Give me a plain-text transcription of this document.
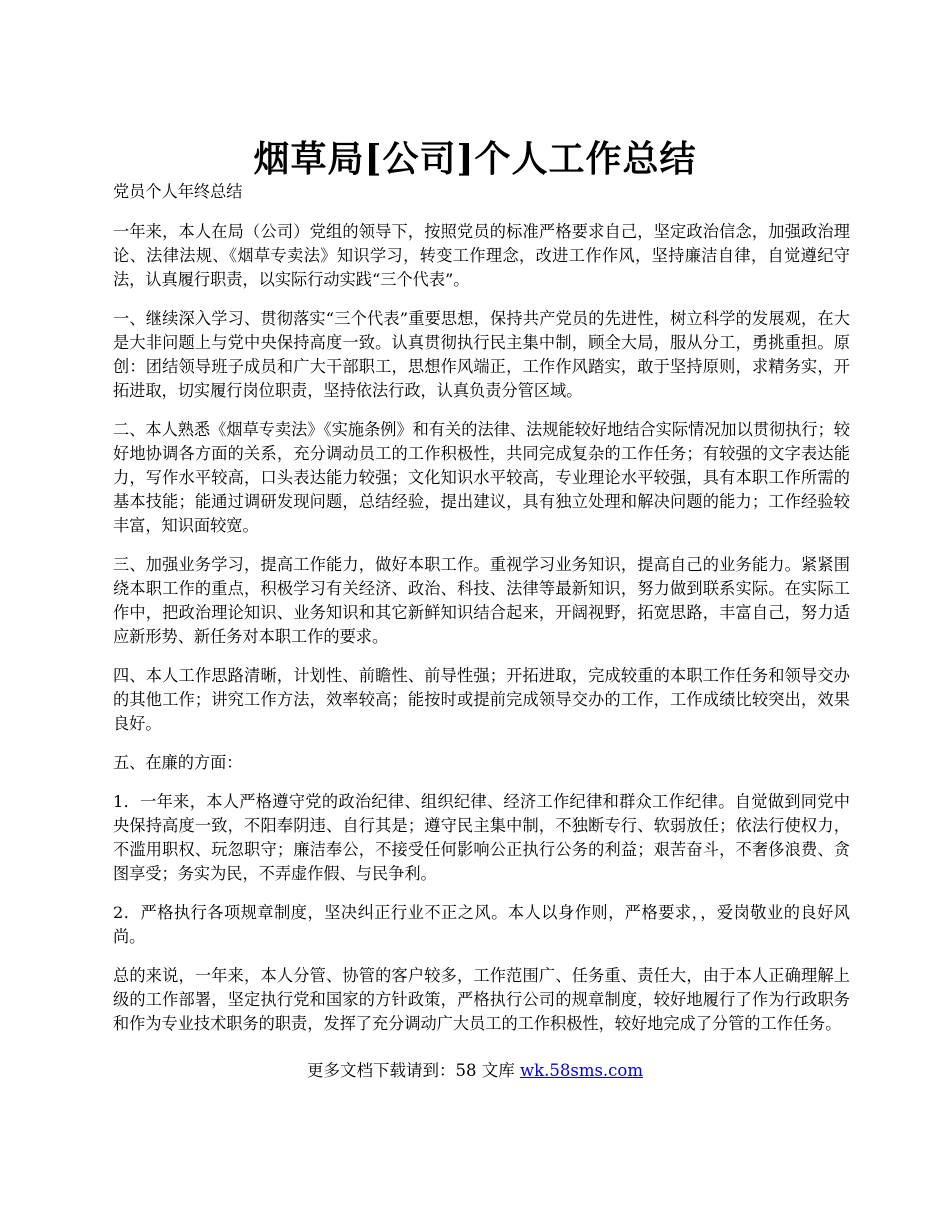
烟草局[公司]个人工作总结

党员个人年终总结

一年来，本人在局（公司）党组的领导下，按照党员的标准严格要求自己，坚定政治信念，加强政治理论、法律法规、《烟草专卖法》知识学习，转变工作理念，改进工作作风，坚持廉洁自律，自觉遵纪守法，认真履行职责，以实际行动实践“三个代表”。

一、继续深入学习、贯彻落实“三个代表”重要思想，保持共产党员的先进性，树立科学的发展观，在大是大非问题上与党中央保持高度一致。认真贯彻执行民主集中制，顾全大局，服从分工，勇挑重担。原创：团结领导班子成员和广大干部职工，思想作风端正，工作作风踏实，敢于坚持原则，求精务实，开拓进取，切实履行岗位职责，坚持依法行政，认真负责分管区域。

二、本人熟悉《烟草专卖法》《实施条例》和有关的法律、法规能较好地结合实际情况加以贯彻执行；较好地协调各方面的关系，充分调动员工的工作积极性，共同完成复杂的工作任务；有较强的文字表达能力，写作水平较高，口头表达能力较强；文化知识水平较高，专业理论水平较强，具有本职工作所需的基本技能；能通过调研发现问题，总结经验，提出建议，具有独立处理和解决问题的能力；工作经验较丰富，知识面较宽。

三、加强业务学习，提高工作能力，做好本职工作。重视学习业务知识，提高自己的业务能力。紧紧围绕本职工作的重点，积极学习有关经济、政治、科技、法律等最新知识，努力做到联系实际。在实际工作中，把政治理论知识、业务知识和其它新鲜知识结合起来，开阔视野，拓宽思路，丰富自己，努力适应新形势、新任务对本职工作的要求。

四、本人工作思路清晰，计划性、前瞻性、前导性强；开拓进取，完成较重的本职工作任务和领导交办的其他工作；讲究工作方法，效率较高；能按时或提前完成领导交办的工作，工作成绩比较突出，效果良好。

五、在廉的方面：

1．一年来，本人严格遵守党的政治纪律、组织纪律、经济工作纪律和群众工作纪律。自觉做到同党中央保持高度一致，不阳奉阴违、自行其是；遵守民主集中制，不独断专行、软弱放任；依法行使权力，不滥用职权、玩忽职守；廉洁奉公，不接受任何影响公正执行公务的利益；艰苦奋斗，不奢侈浪费、贪图享受；务实为民，不弄虚作假、与民争利。

2．严格执行各项规章制度，坚决纠正行业不正之风。本人以身作则，严格要求，，爱岗敬业的良好风尚。

总的来说，一年来，本人分管、协管的客户较多，工作范围广、任务重、责任大，由于本人正确理解上级的工作部署，坚定执行党和国家的方针政策，严格执行公司的规章制度，较好地履行了作为行政职务和作为专业技术职务的职责，发挥了充分调动广大员工的工作积极性，较好地完成了分管的工作任务。

更多文档下载请到：58 文库 wk.58sms.com
